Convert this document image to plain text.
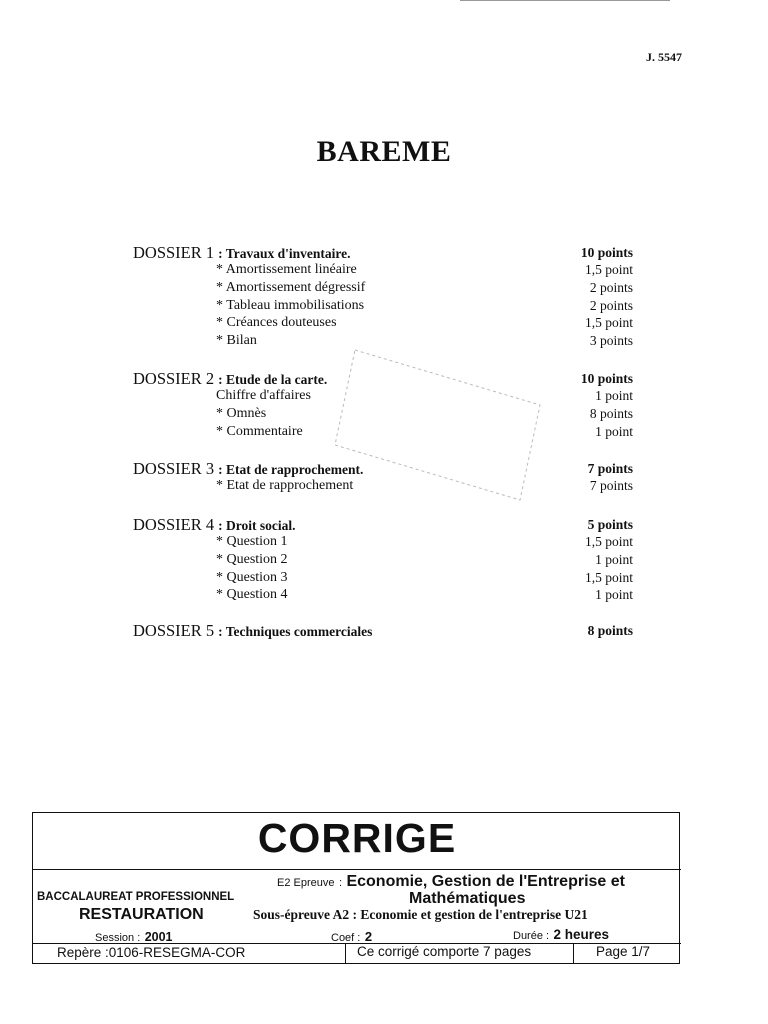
J. 5547
BAREME
DOSSIER 1 : Travaux d'inventaire.	10 points
* Amortissement linéaire	1,5 point
* Amortissement dégressif	2 points
* Tableau immobilisations	2 points
* Créances douteuses	1,5 point
* Bilan	3 points
DOSSIER 2 : Etude de la carte.	10 points
Chiffre d'affaires	1 point
* Omnès	8 points
* Commentaire	1 point
DOSSIER 3 : Etat de rapprochement.	7 points
* Etat de rapprochement	7 points
DOSSIER 4 : Droit social.	5 points
* Question 1	1,5 point
* Question 2	1 point
* Question 3	1,5 point
* Question 4	1 point
DOSSIER 5 : Techniques commerciales	8 points
CORRIGE
E2 Epreuve : Economie, Gestion de l'Entreprise et
Mathématiques
BACCALAUREAT PROFESSIONNEL
RESTAURATION	Sous-épreuve A2 : Economie et gestion de l'entreprise U21
Session : 2001	Coef : 2	Durée : 2 heures
Repère :0106-RESEGMA-COR	Ce corrigé comporte 7 pages	Page 1/7
